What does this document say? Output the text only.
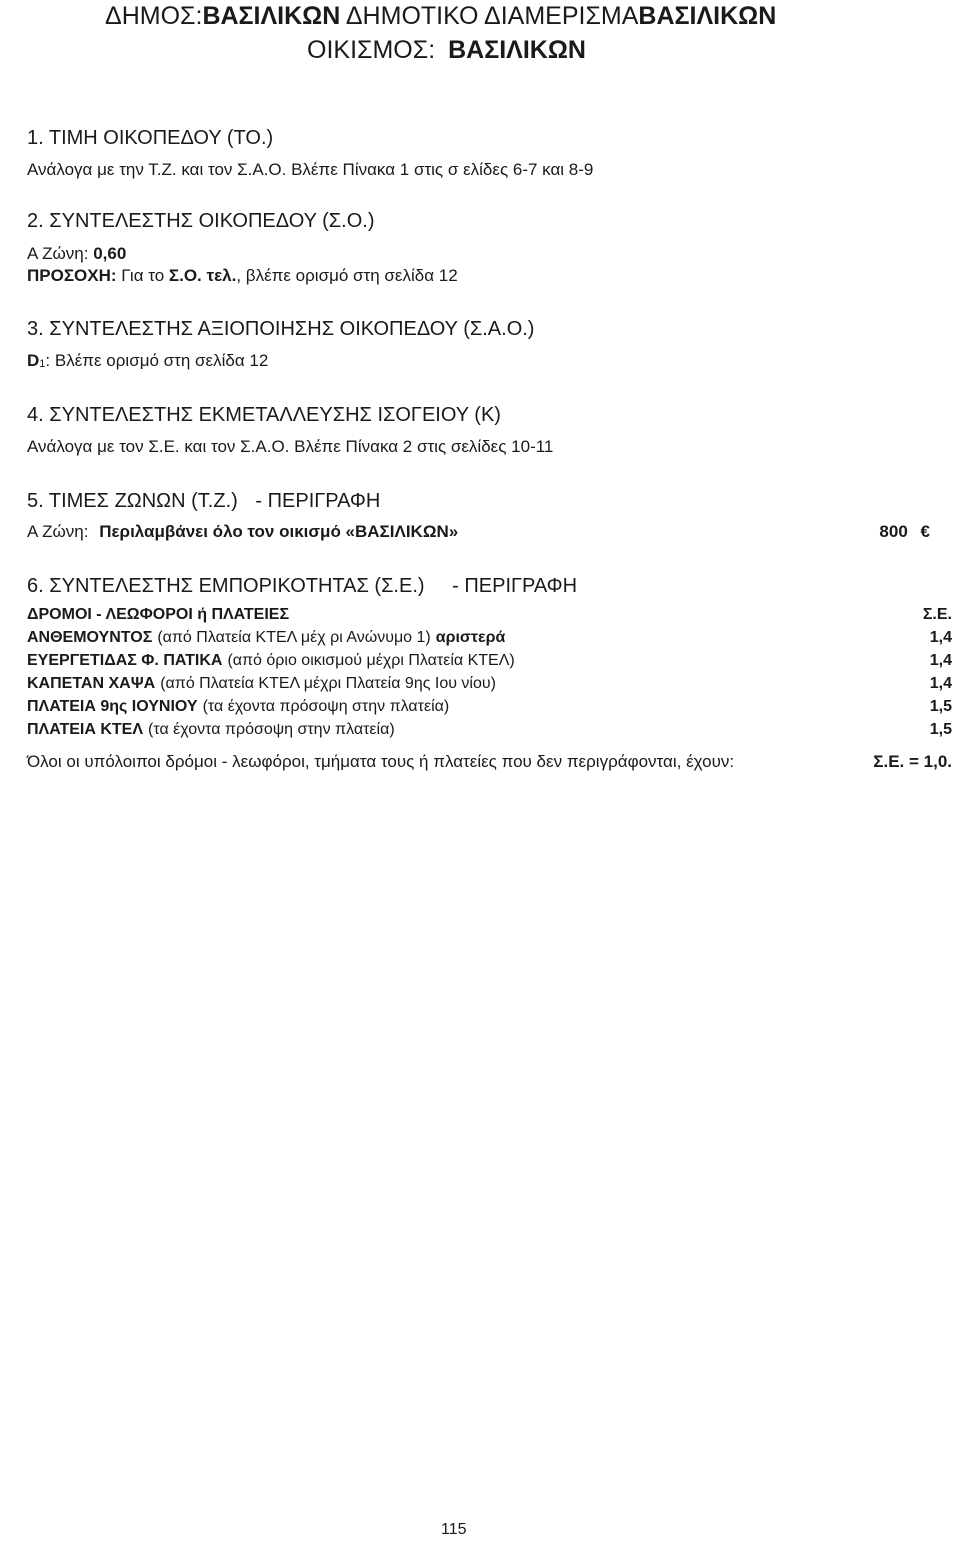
ΔΗΜΟΣ:ΒΑΣΙΛΙΚΩΝ ΔΗΜΟΤΙΚΟ ΔΙΑΜΕΡΙΣΜΑΒΑΣΙΛΙΚΩΝ
ΟΙΚΙΣΜΟΣ: ΒΑΣΙΛΙΚΩΝ
1. ΤΙΜΗ ΟΙΚΟΠΕΔΟΥ (ΤΟ.)
Ανάλογα με την Τ.Ζ. και τον Σ.Α.Ο. Βλέπε Πίνακα 1 στις σ ελίδες 6-7 και 8-9
2. ΣΥΝΤΕΛΕΣΤΗΣ ΟΙΚΟΠΕΔΟΥ (Σ.Ο.)
Α Ζώνη: 0,60
ΠΡΟΣΟΧΗ: Για το Σ.Ο. τελ., βλέπε ορισμό στη σελίδα 12
3. ΣΥΝΤΕΛΕΣΤΗΣ ΑΞΙΟΠΟΙΗΣΗΣ ΟΙΚΟΠΕΔΟΥ (Σ.Α.Ο.)
$D_1$: Βλέπε ορισμό στη σελίδα 12
4. ΣΥΝΤΕΛΕΣΤΗΣ ΕΚΜΕΤΑΛΛΕΥΣΗΣ ΙΣΟΓΕΙΟΥ (Κ)
Ανάλογα με τον Σ.Ε. και τον Σ.Α.Ο. Βλέπε Πίνακα 2 στις σελίδες 10-11
5. ΤΙΜΕΣ ΖΩΝΩΝ (Τ.Ζ.) - ΠΕΡΙΓΡΑΦΗ
Α Ζώνη: Περιλαμβάνει όλο τον οικισμό «ΒΑΣΙΛΙΚΩΝ»	800 €
6. ΣΥΝΤΕΛΕΣΤΗΣ ΕΜΠΟΡΙΚΟΤΗΤΑΣ (Σ.Ε.) - ΠΕΡΙΓΡΑΦΗ
ΔΡΟΜΟΙ - ΛΕΩΦΟΡΟΙ ή ΠΛΑΤΕΙΕΣ	Σ.Ε.
ΑΝΘΕΜΟΥΝΤΟΣ (από Πλατεία ΚΤΕΛ μέχ ρι Ανώνυμο 1) αριστερά	1,4
ΕΥΕΡΓΕΤΙΔΑΣ Φ. ΠΑΤΙΚΑ (από όριο οικισμού μέχρι Πλατεία ΚΤΕΛ)	1,4
ΚΑΠΕΤΑΝ ΧΑΨΑ (από Πλατεία ΚΤΕΛ μέχρι Πλατεία 9ης Ιου νίου)	1,4
ΠΛΑΤΕΙΑ 9ης ΙΟΥΝΙΟΥ (τα έχοντα πρόσοψη στην πλατεία)	1,5
ΠΛΑΤΕΙΑ ΚΤΕΛ (τα έχοντα πρόσοψη στην πλατεία)	1,5
Όλοι οι υπόλοιποι δρόμοι - λεωφόροι, τμήματα τους ή πλατείες που δεν περιγράφονται, έχουν:	Σ.Ε. = 1,0.
115
